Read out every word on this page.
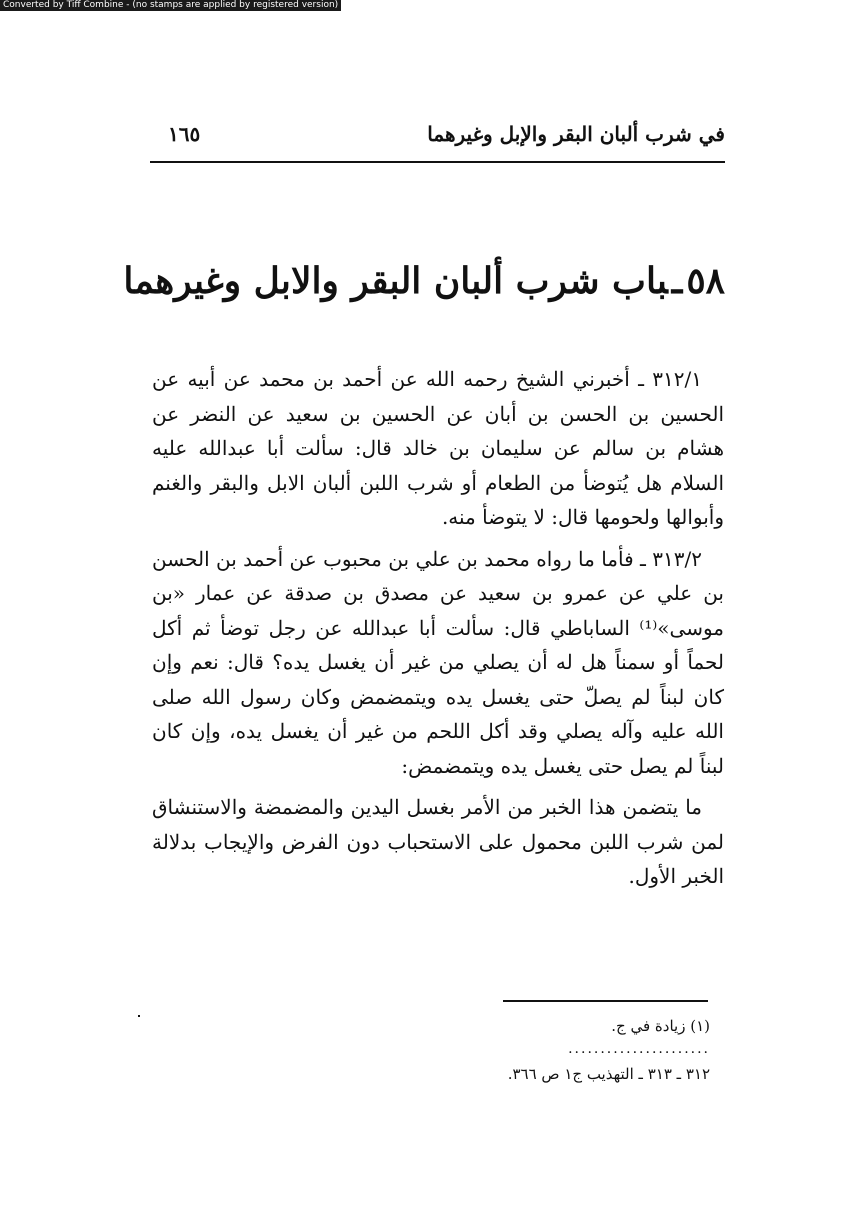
Converted by Tiff Combine - (no stamps are applied by registered version)
في شرب ألبان البقر والإبل وغيرهما
١٦٥
٥٨ـباب شرب ألبان البقر والابل وغيرهما

٣١٢/١ ـ أخبرني الشيخ رحمه الله عن أحمد بن محمد عن أبيه عن الحسين بن الحسن بن أبان عن الحسين بن سعيد عن النضر عن هشام بن سالم عن سليمان بن خالد قال: سألت أبا عبدالله عليه السلام هل يُتوضأ من الطعام أو شرب اللبن ألبان الابل والبقر والغنم وأبوالها ولحومها قال: لا يتوضأ منه.

٣١٣/٢ ـ فأما ما رواه محمد بن علي بن محبوب عن أحمد بن الحسن بن علي عن عمرو بن سعيد عن مصدق بن صدقة عن عمار «بن موسى»⁽¹⁾ الساباطي قال: سألت أبا عبدالله عن رجل توضأ ثم أكل لحماً أو سمناً هل له أن يصلي من غير أن يغسل يده؟ قال: نعم وإن كان لبناً لم يصلّ حتى يغسل يده ويتمضمض وكان رسول الله صلى الله عليه وآله يصلي وقد أكل اللحم من غير أن يغسل يده، وإن كان لبناً لم يصل حتى يغسل يده ويتمضمض:

ما يتضمن هذا الخبر من الأمر بغسل اليدين والمضمضة والاستنشاق لمن شرب اللبن محمول على الاستحباب دون الفرض والإيجاب بدلالة الخبر الأول.

(١) زيادة في ج.
......................
٣١٢ ـ ٣١٣ ـ التهذيب ج١ ص ٣٦٦.
